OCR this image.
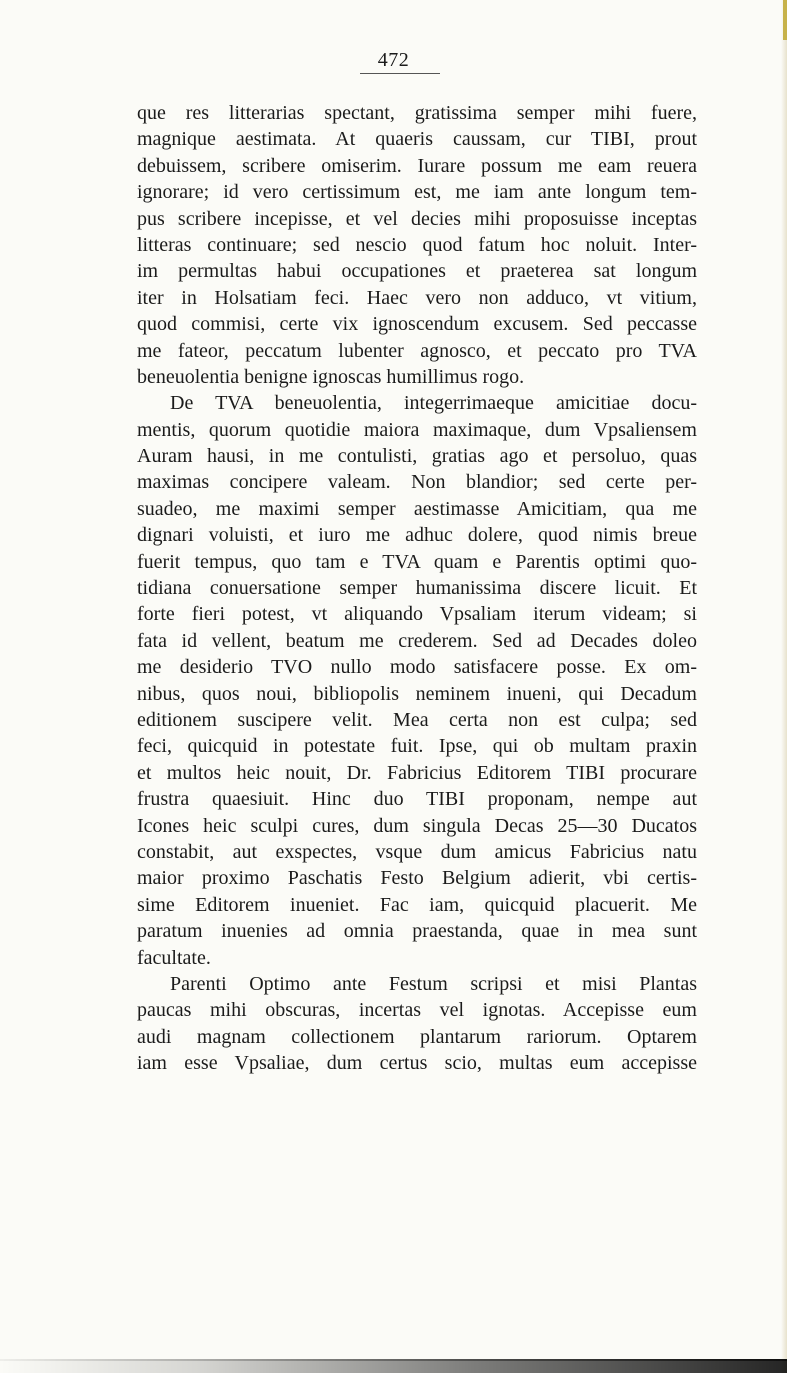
472
que res litterarias spectant, gratissima semper mihi fuere,
magnique aestimata. At quaeris caussam, cur TIBI, prout
debuissem, scribere omiserim. Iurare possum me eam reuera
ignorare; id vero certissimum est, me iam ante longum tem-
pus scribere incepisse, et vel decies mihi proposuisse inceptas
litteras continuare; sed nescio quod fatum hoc noluit. Inter-
im permultas habui occupationes et praeterea sat longum
iter in Holsatiam feci. Haec vero non adduco, vt vitium,
quod commisi, certe vix ignoscendum excusem. Sed peccasse
me fateor, peccatum lubenter agnosco, et peccato pro TVA
beneuolentia benigne ignoscas humillimus rogo.
De TVA beneuolentia, integerrimaeque amicitiae docu-
mentis, quorum quotidie maiora maximaque, dum Vpsaliensem
Auram hausi, in me contulisti, gratias ago et persoluo, quas
maximas concipere valeam. Non blandior; sed certe per-
suadeo, me maximi semper aestimasse Amicitiam, qua me
dignari voluisti, et iuro me adhuc dolere, quod nimis breue
fuerit tempus, quo tam e TVA quam e Parentis optimi quo-
tidiana conuersatione semper humanissima discere licuit. Et
forte fieri potest, vt aliquando Vpsaliam iterum videam; si
fata id vellent, beatum me crederem. Sed ad Decades doleo
me desiderio TVO nullo modo satisfacere posse. Ex om-
nibus, quos noui, bibliopolis neminem inueni, qui Decadum
editionem suscipere velit. Mea certa non est culpa; sed
feci, quicquid in potestate fuit. Ipse, qui ob multam praxin
et multos heic nouit, Dr. Fabricius Editorem TIBI procurare
frustra quaesiuit. Hinc duo TIBI proponam, nempe aut
Icones heic sculpi cures, dum singula Decas 25—30 Ducatos
constabit, aut exspectes, vsque dum amicus Fabricius natu
maior proximo Paschatis Festo Belgium adierit, vbi certis-
sime Editorem inueniet. Fac iam, quicquid placuerit. Me
paratum inuenies ad omnia praestanda, quae in mea sunt
facultate.
Parenti Optimo ante Festum scripsi et misi Plantas
paucas mihi obscuras, incertas vel ignotas. Accepisse eum
audi magnam collectionem plantarum rariorum. Optarem
iam esse Vpsaliae, dum certus scio, multas eum accepisse
